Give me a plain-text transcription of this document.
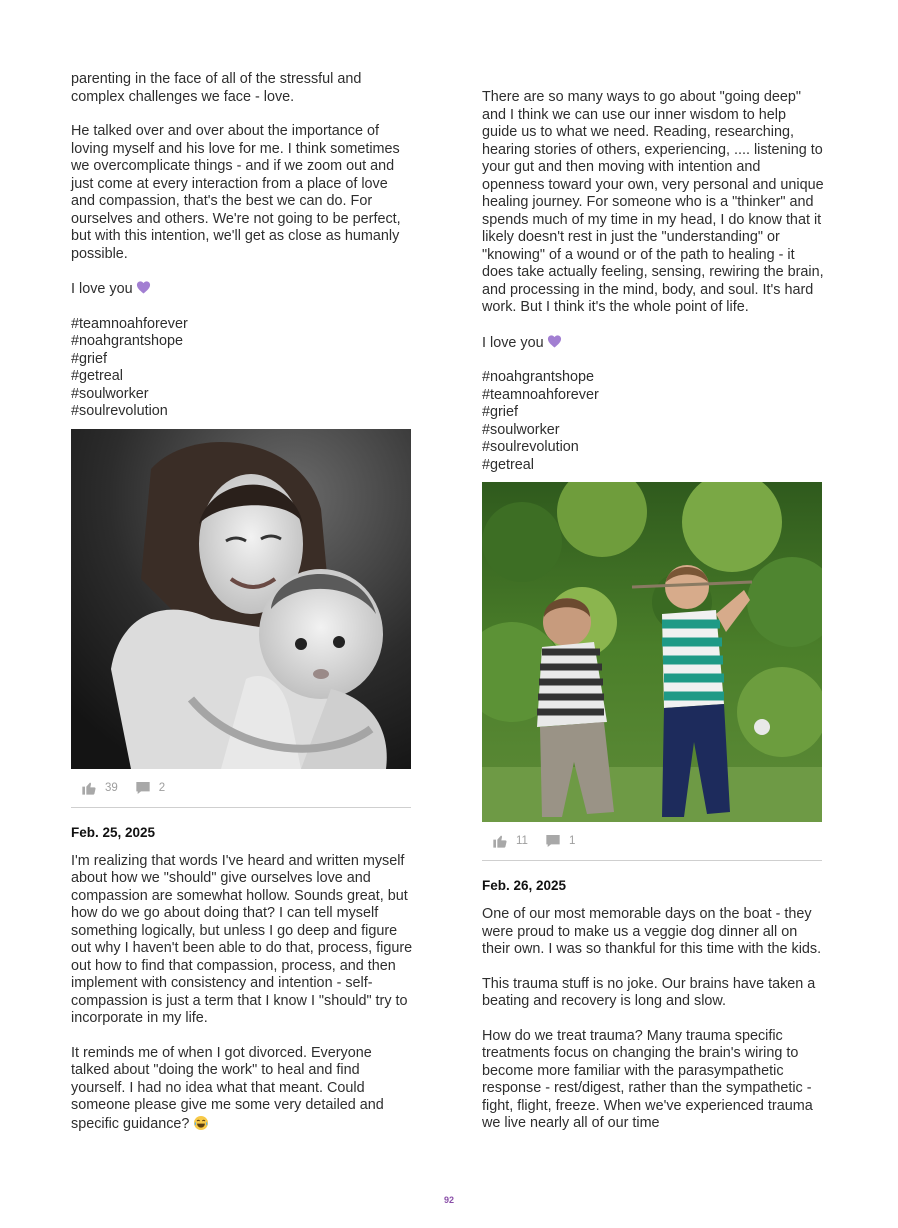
parenting in the face of all of the stressful and complex challenges we face - love.

He talked over and over about the importance of loving myself and his love for me. I think sometimes we overcomplicate things - and if we zoom out and just come at every interaction from a place of love and compassion, that's the best we can do. For ourselves and others. We're not going to be perfect, but with this intention, we'll get as close as humanly possible.

I love you

#teamnoahforever
#noahgrantshope
#grief
#getreal
#soulworker
#soulrevolution
39	2
Feb. 25, 2025

I'm realizing that words I've heard and written myself about how we "should" give ourselves love and compassion are somewhat hollow. Sounds great, but how do we go about doing that? I can tell myself something logically, but unless I go deep and figure out why I haven't been able to do that, process, figure out how to find that compassion, process, and then implement with consistency and intention - self-compassion is just a term that I know I "should" try to incorporate in my life.

It reminds me of when I got divorced. Everyone talked about "doing the work" to heal and find yourself. I had no idea what that meant. Could someone please give me some very detailed and specific guidance?

There are so many ways to go about "going deep" and I think we can use our inner wisdom to help guide us to what we need. Reading, researching, hearing stories of others, experiencing, .... listening to your gut and then moving with intention and openness toward your own, very personal and unique healing journey. For someone who is a "thinker" and spends much of my time in my head, I do know that it likely doesn't rest in just the "understanding" or "knowing" of a wound or of the path to healing - it does take actually feeling, sensing, rewiring the brain, and processing in the mind, body, and soul. It's hard work. But I think it's the whole point of life.

I love you

#noahgrantshope
#teamnoahforever
#grief
#soulworker
#soulrevolution
#getreal
11	1
Feb. 26, 2025

One of our most memorable days on the boat - they were proud to make us a veggie dog dinner all on their own. I was so thankful for this time with the kids.

This trauma stuff is no joke. Our brains have taken a beating and recovery is long and slow.

How do we treat trauma? Many trauma specific treatments focus on changing the brain's wiring to become more familiar with the parasympathetic response - rest/digest, rather than the sympathetic - fight, flight, freeze. When we've experienced trauma we live nearly all of our time

92
